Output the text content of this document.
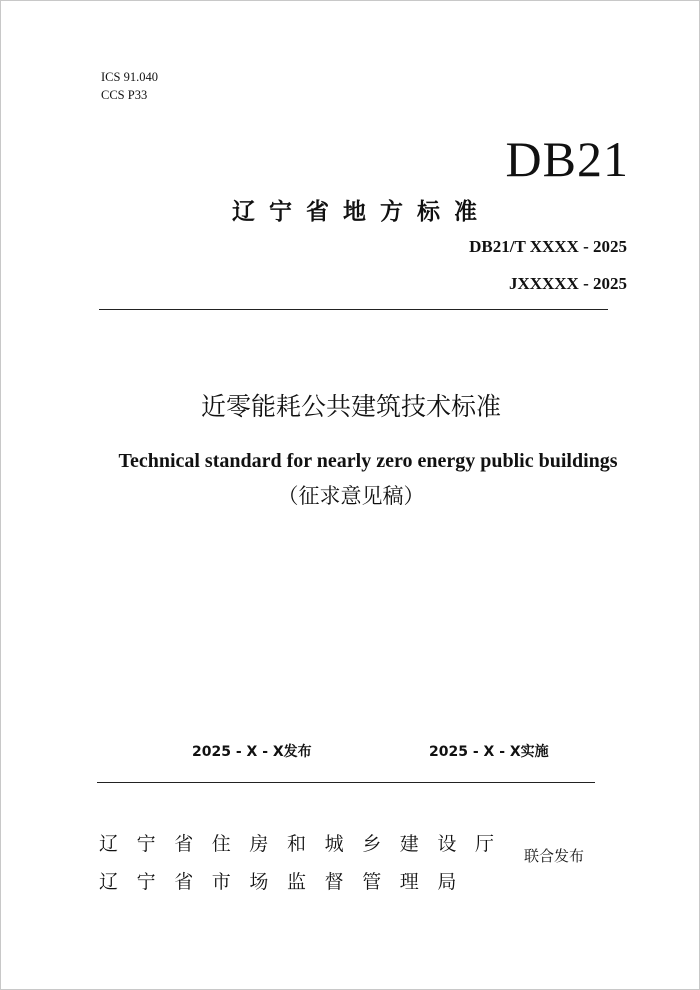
ICS 91.040
CCS P33
DB21
辽宁省地方标准
DB21/T XXXX - 2025
JXXXXX - 2025
近零能耗公共建筑技术标准
Technical standard for nearly zero energy public buildings
（征求意见稿）
2025 - X - X发布	2025 - X - X实施
辽宁省住房和城乡建设厅
辽宁省市场监督管理局
联合发布
